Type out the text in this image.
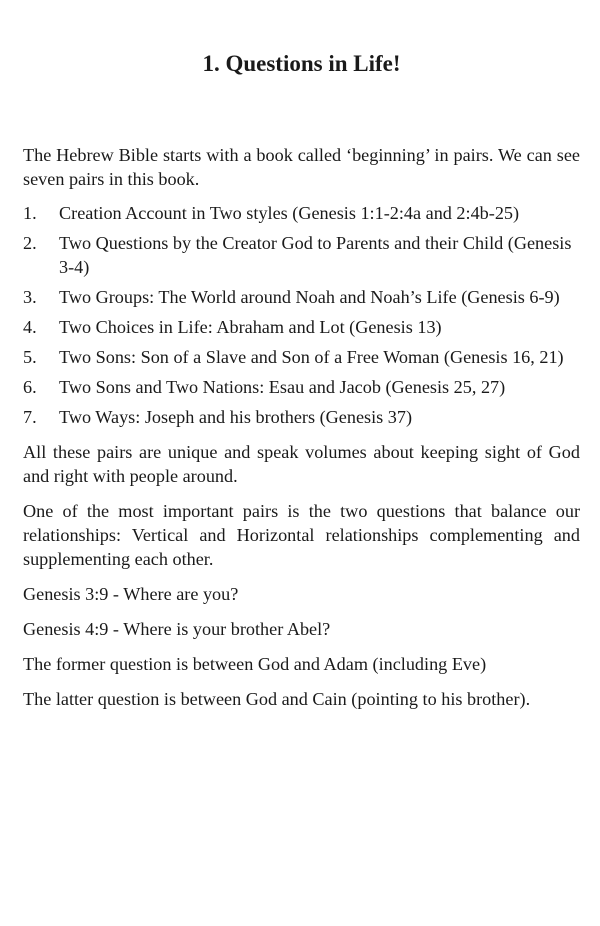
1. Questions in Life!

The Hebrew Bible starts with a book called ‘beginning’ in pairs. We can see seven pairs in this book.

1.	Creation Account in Two styles (Genesis 1:1-2:4a and 2:4b-25)
2.	Two Questions by the Creator God to Parents and their Child (Genesis 3-4)
3.	Two Groups: The World around Noah and Noah’s Life (Genesis 6-9)
4.	Two Choices in Life: Abraham and Lot (Genesis 13)
5.	Two Sons: Son of a Slave and Son of a Free Woman (Genesis 16, 21)
6.	Two Sons and Two Nations: Esau and Jacob (Genesis 25, 27)
7.	Two Ways: Joseph and his brothers (Genesis 37)

All these pairs are unique and speak volumes about keeping sight of God and right with people around.

One of the most important pairs is the two questions that balance our relationships: Vertical and Horizontal relationships complementing and supplementing each other.

Genesis 3:9 - Where are you?

Genesis 4:9 - Where is your brother Abel?

The former question is between God and Adam (including Eve)

The latter question is between God and Cain (pointing to his brother).
